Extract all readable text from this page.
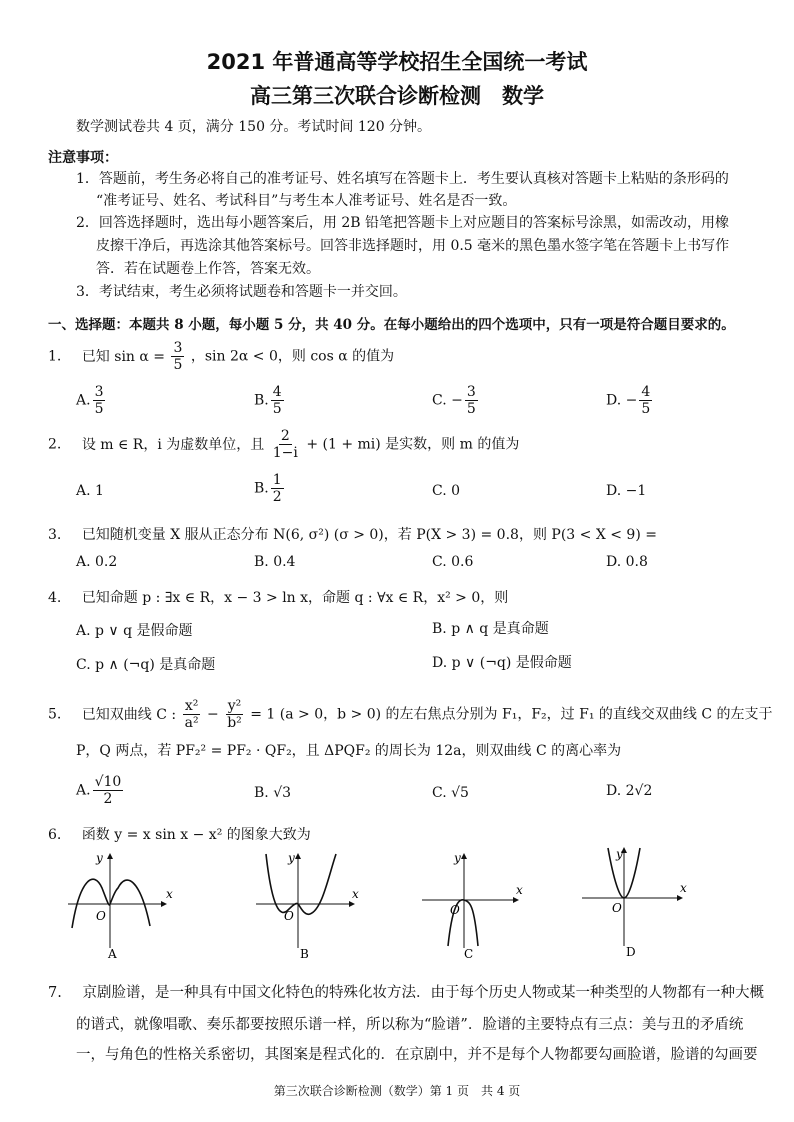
2021 年普通高等学校招生全国统一考试
高三第三次联合诊断检测　数学
数学测试卷共 4 页，满分 150 分。考试时间 120 分钟。
注意事项：
1．答题前，考生务必将自己的准考证号、姓名填写在答题卡上．考生要认真核对答题卡上粘贴的条形码的
“准考证号、姓名、考试科目”与考生本人准考证号、姓名是否一致。
2．回答选择题时，选出每小题答案后，用 2B 铅笔把答题卡上对应题目的答案标号涂黑，如需改动，用橡
皮擦干净后，再选涂其他答案标号。回答非选择题时，用 0.5 毫米的黑色墨水签字笔在答题卡上书写作
答．若在试题卷上作答，答案无效。
3．考试结束，考生必须将试题卷和答题卡一并交回。
一、选择题：本题共 8 小题，每小题 5 分，共 40 分。在每小题给出的四个选项中，只有一项是符合题目要求的。
1. 已知 $\sin \alpha = \frac{3}{5}$ ，sin 2α < 0，则 cos α 的值为
A. $\frac{3}{5}$	B. $\frac{4}{5}$	C. − $\frac{3}{5}$	D. − $\frac{4}{5}$
2. 设 m ∈ R，i 为虚数单位，且 $\frac{2}{1-i} + (1 + mi)$ 是实数，则 m 的值为
A. 1	B. $\frac{1}{2}$	C. 0	D. −1
3. 已知随机变量 X 服从正态分布 N(6, σ²) (σ > 0)，若 P(X > 3) = 0.8，则 P(3 < X < 9) =
A. 0.2	B. 0.4	C. 0.6	D. 0.8
4. 已知命题 p : ∃x ∈ R，x − 3 > ln x，命题 q : ∀x ∈ R，x² > 0，则
A. p ∨ q 是假命题	B. p ∧ q 是真命题
C. p ∧ (¬q) 是真命题	D. p ∨ (¬q) 是假命题
5. 已知双曲线 C : $\frac{\text{x²}}{\text{a²}} - \frac{\text{y²}}{\text{b²}} = 1$ (a > 0，b > 0) 的左右焦点分别为 F₁，F₂，过 F₁ 的直线交双曲线 C 的左支于
P，Q 两点，若 PF₂² = PF₂ · QF₂，且 ΔPQF₂ 的周长为 12a，则双曲线 C 的离心率为
A. $\frac{√10}{2}$	B. √3	C. √5	D. 2√2
6. 函数 y = x sin x − x² 的图象大致为
y
x
O
A
y
x
O
B
y
x
O
C
y
x
O
D
7. 京剧脸谱，是一种具有中国文化特色的特殊化妆方法．由于每个历史人物或某一种类型的人物都有一种大概
的谱式，就像唱歌、奏乐都要按照乐谱一样，所以称为“脸谱”．脸谱的主要特点有三点：美与丑的矛盾统
一，与角色的性格关系密切，其图案是程式化的．在京剧中，并不是每个人物都要勾画脸谱，脸谱的勾画要
第三次联合诊断检测（数学）第 1 页　共 4 页
